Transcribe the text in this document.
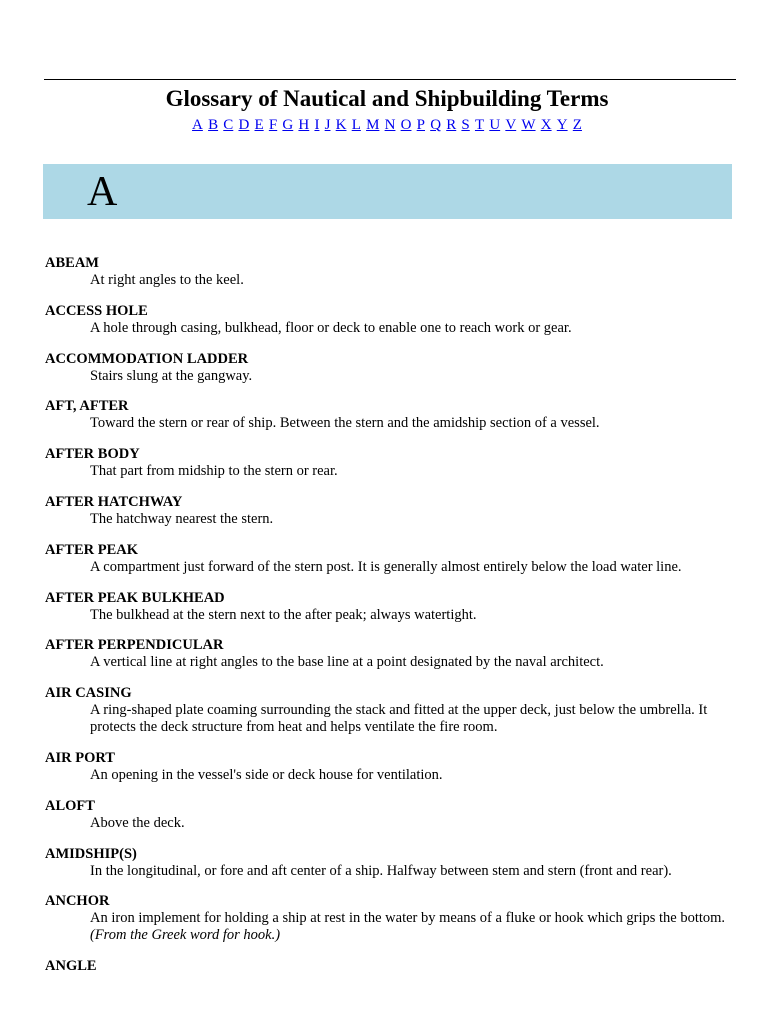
Glossary of Nautical and Shipbuilding Terms
A B C D E F G H I J K L M N O P Q R S T U V W X Y Z
A
ABEAM
At right angles to the keel.
ACCESS HOLE
A hole through casing, bulkhead, floor or deck to enable one to reach work or gear.
ACCOMMODATION LADDER
Stairs slung at the gangway.
AFT, AFTER
Toward the stern or rear of ship. Between the stern and the amidship section of a vessel.
AFTER BODY
That part from midship to the stern or rear.
AFTER HATCHWAY
The hatchway nearest the stern.
AFTER PEAK
A compartment just forward of the stern post. It is generally almost entirely below the load water line.
AFTER PEAK BULKHEAD
The bulkhead at the stern next to the after peak; always watertight.
AFTER PERPENDICULAR
A vertical line at right angles to the base line at a point designated by the naval architect.
AIR CASING
A ring-shaped plate coaming surrounding the stack and fitted at the upper deck, just below the umbrella. It protects the deck structure from heat and helps ventilate the fire room.
AIR PORT
An opening in the vessel's side or deck house for ventilation.
ALOFT
Above the deck.
AMIDSHIP(S)
In the longitudinal, or fore and aft center of a ship. Halfway between stem and stern (front and rear).
ANCHOR
An iron implement for holding a ship at rest in the water by means of a fluke or hook which grips the bottom. (From the Greek word for hook.)
ANGLE
